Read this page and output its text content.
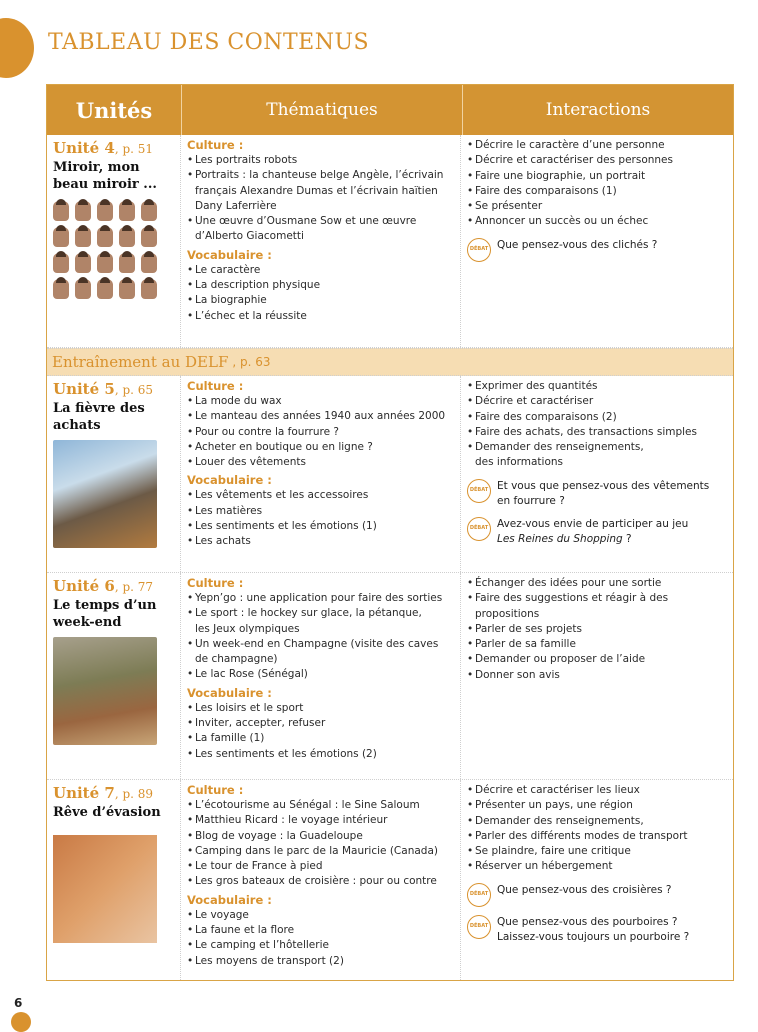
TABLEAU DES CONTENUS
Unités	Thématiques	Interactions
Unité 4, p. 51
Miroir, mon
beau miroir ...
Culture :
• Les portraits robots
• Portraits : la chanteuse belge Angèle, l’écrivain
français Alexandre Dumas et l’écrivain haïtien
Dany Laferrière
• Une œuvre d’Ousmane Sow et une œuvre
d’Alberto Giacometti
Vocabulaire :
• Le caractère
• La description physique
• La biographie
• L’échec et la réussite
• Décrire le caractère d’une personne
• Décrire et caractériser des personnes
• Faire une biographie, un portrait
• Faire des comparaisons (1)
• Se présenter
• Annoncer un succès ou un échec
DÉBAT Que pensez-vous des clichés ?
Entraînement au DELF , p. 63
Unité 5, p. 65
La fièvre des
achats
Culture :
• La mode du wax
• Le manteau des années 1940 aux années 2000
• Pour ou contre la fourrure ?
• Acheter en boutique ou en ligne ?
• Louer des vêtements
Vocabulaire :
• Les vêtements et les accessoires
• Les matières
• Les sentiments et les émotions (1)
• Les achats
• Exprimer des quantités
• Décrire et caractériser
• Faire des comparaisons (2)
• Faire des achats, des transactions simples
• Demander des renseignements,
des informations
DÉBAT Et vous que pensez-vous des vêtements
en fourrure ?
DÉBAT Avez-vous envie de participer au jeu
Les Reines du Shopping ?
Unité 6, p. 77
Le temps d’un
week-end
Culture :
• Yepn’go : une application pour faire des sorties
• Le sport : le hockey sur glace, la pétanque,
les Jeux olympiques
• Un week-end en Champagne (visite des caves
de champagne)
• Le lac Rose (Sénégal)
Vocabulaire :
• Les loisirs et le sport
• Inviter, accepter, refuser
• La famille (1)
• Les sentiments et les émotions (2)
• Échanger des idées pour une sortie
• Faire des suggestions et réagir à des
propositions
• Parler de ses projets
• Parler de sa famille
• Demander ou proposer de l’aide
• Donner son avis
Unité 7, p. 89
Rêve d’évasion
Culture :
• L’écotourisme au Sénégal : le Sine Saloum
• Matthieu Ricard : le voyage intérieur
• Blog de voyage : la Guadeloupe
• Camping dans le parc de la Mauricie (Canada)
• Le tour de France à pied
• Les gros bateaux de croisière : pour ou contre
Vocabulaire :
• Le voyage
• La faune et la flore
• Le camping et l’hôtellerie
• Les moyens de transport (2)
• Décrire et caractériser les lieux
• Présenter un pays, une région
• Demander des renseignements,
• Parler des différents modes de transport
• Se plaindre, faire une critique
• Réserver un hébergement
DÉBAT Que pensez-vous des croisières ?
DÉBAT Que pensez-vous des pourboires ?
Laissez-vous toujours un pourboire ?
6
